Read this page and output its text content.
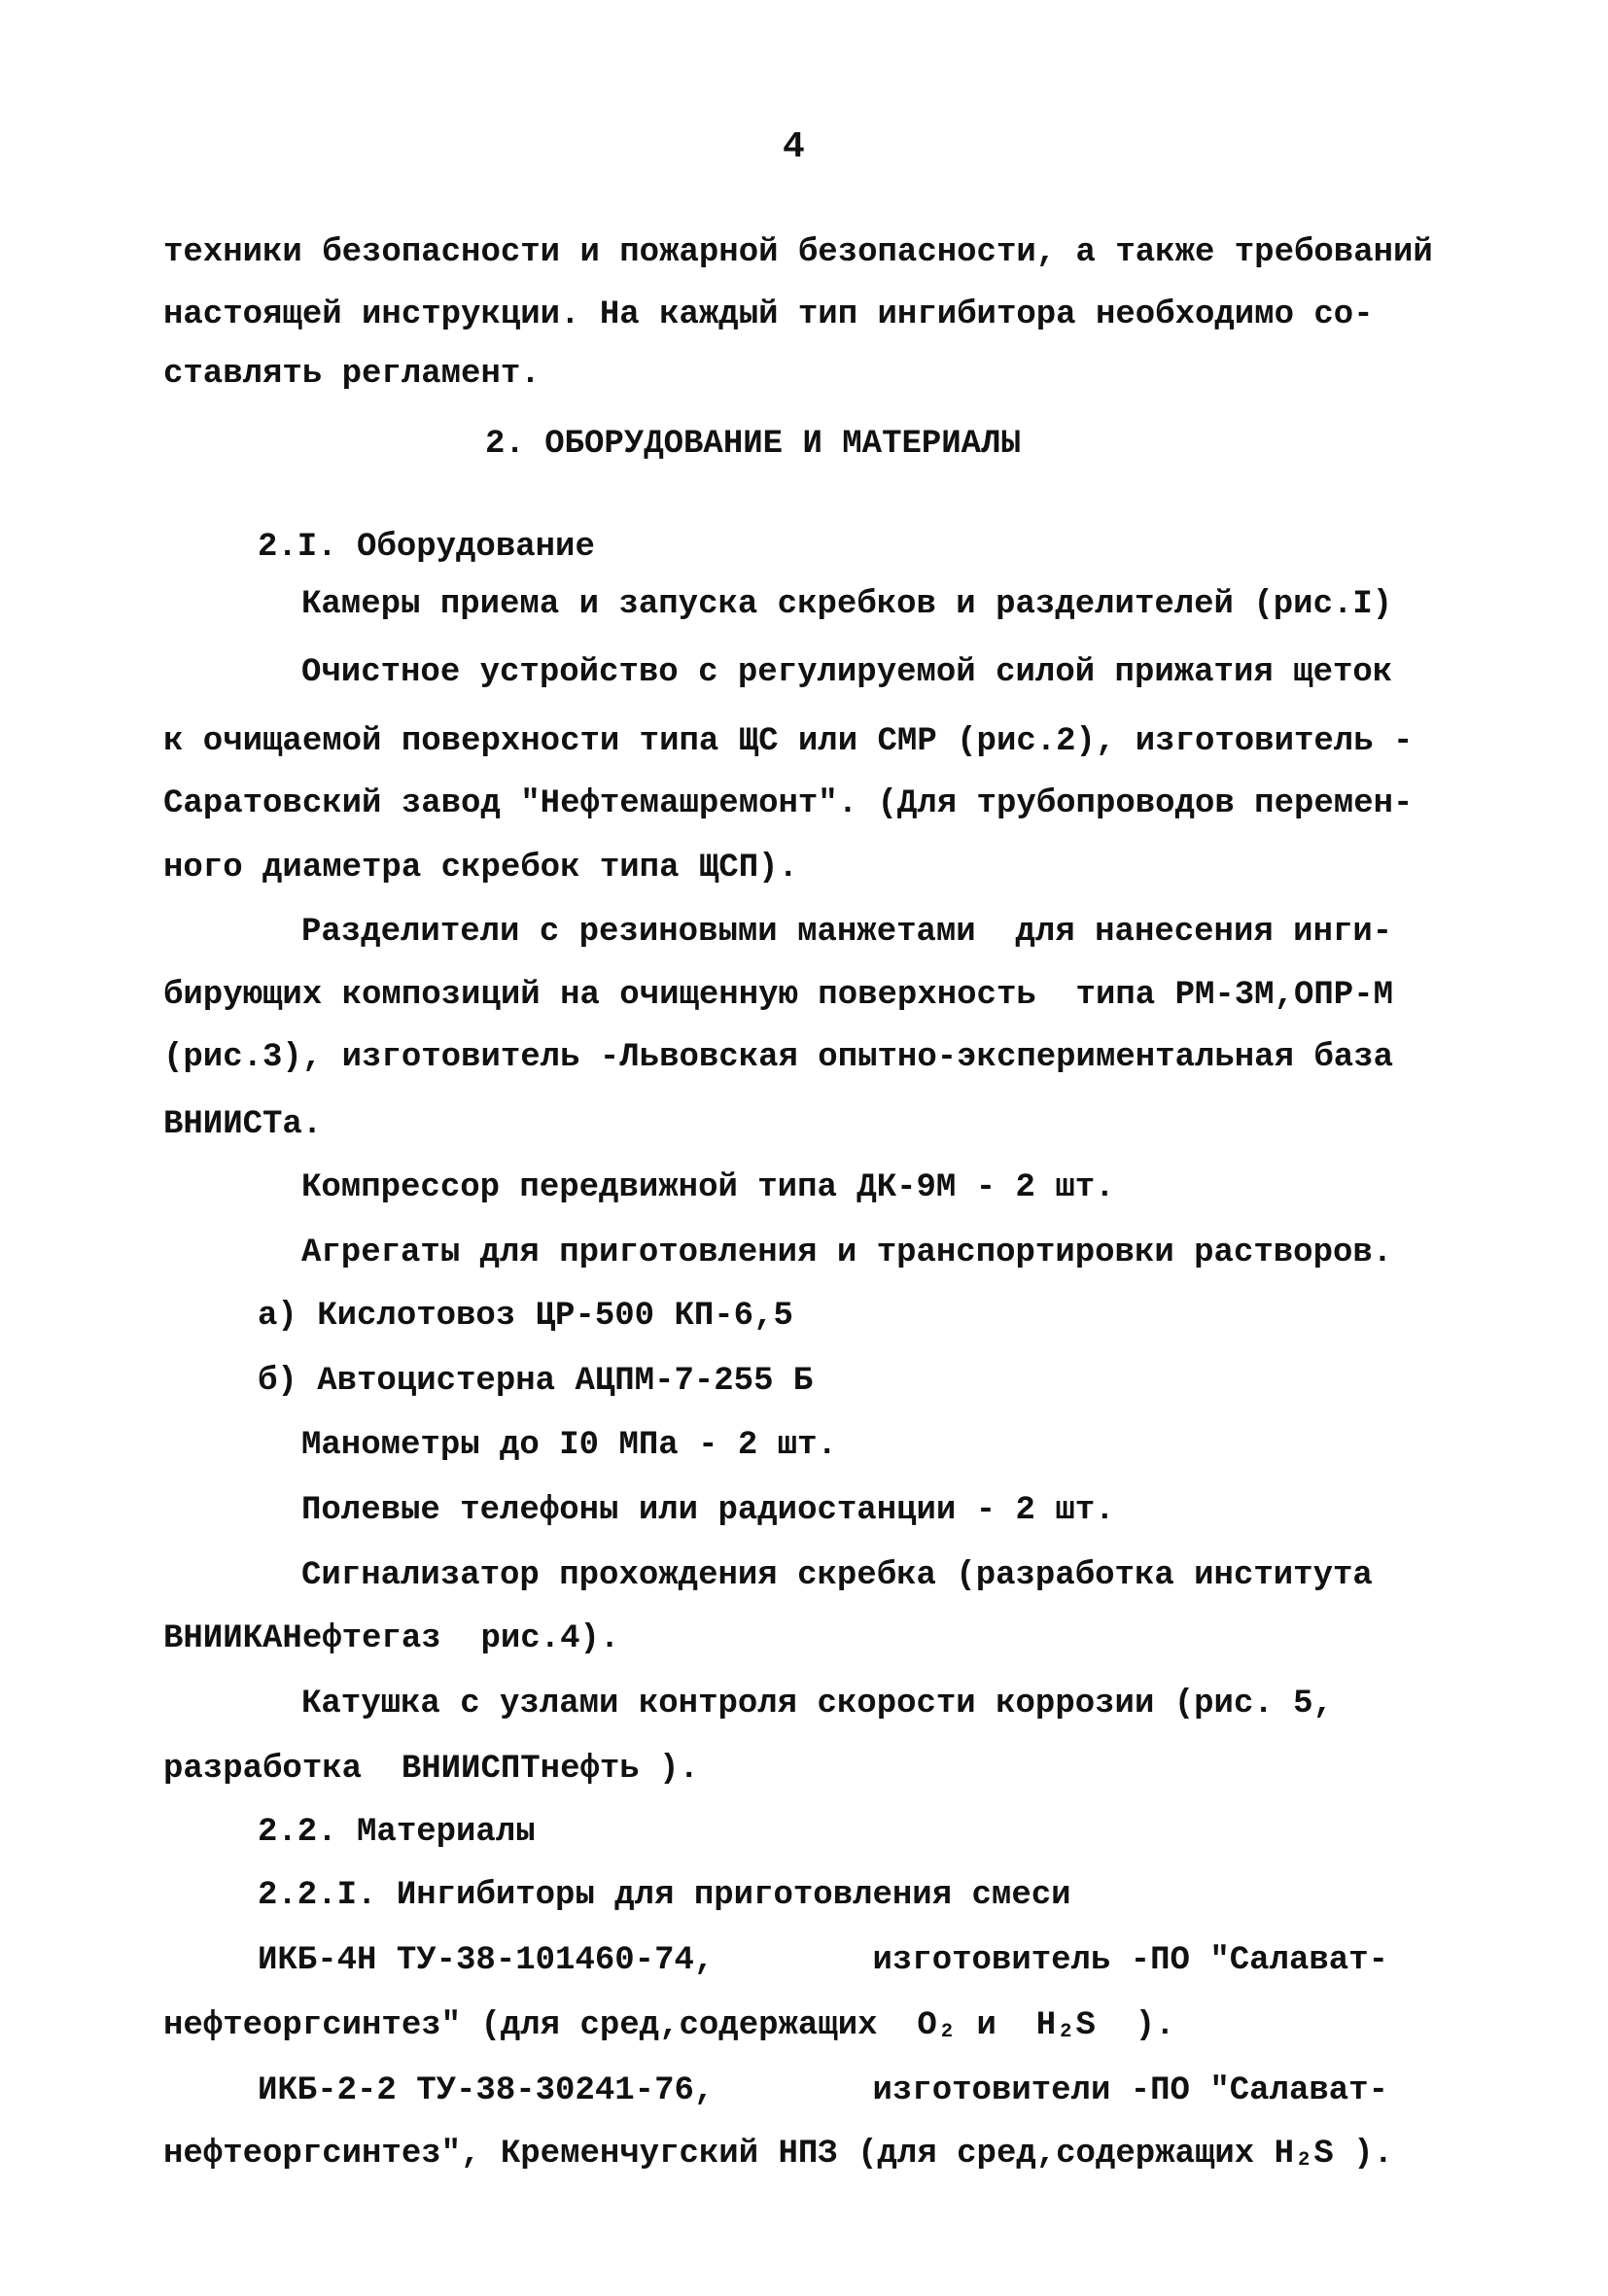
4
техники безопасности и пожарной безопасности, а также требований
настоящей инструкции. На каждый тип ингибитора необходимо со-
ставлять регламент.
2. ОБОРУДОВАНИЕ И МАТЕРИАЛЫ
2.I. Оборудование
Камеры приема и запуска скребков и разделителей (рис.I)
Очистное устройство с регулируемой силой прижатия щеток
к очищаемой поверхности типа ЩС или СМР (рис.2), изготовитель -
Саратовский завод "Нефтемашремонт". (Для трубопроводов перемен-
ного диаметра скребок типа ЩСП).
Разделители с резиновыми манжетами  для нанесения инги-
бирующих композиций на очищенную поверхность  типа РМ-3М,ОПР-М
(рис.3), изготовитель -Львовская опытно-экспериментальная база
ВНИИСТа.
Компрессор передвижной типа ДК-9М - 2 шт.
Агрегаты для приготовления и транспортировки растворов.
а) Кислотовоз ЦР-500 КП-6,5
б) Автоцистерна АЦПМ-7-255 Б
Манометры до I0 МПа - 2 шт.
Полевые телефоны или радиостанции - 2 шт.
Сигнализатор прохождения скребка (разработка института
ВНИИКАНефтегаз  рис.4).
Катушка с узлами контроля скорости коррозии (рис. 5,
разработка  ВНИИСПТнефть ).
2.2. Материалы
2.2.I. Ингибиторы для приготовления смеси
ИКБ-4Н ТУ-38-101460-74,        изготовитель -ПО "Салават-
нефтеоргсинтез" (для сред,содержащих  O₂ и  H₂S  ).
ИКБ-2-2 ТУ-38-30241-76,        изготовители -ПО "Салават-
нефтеоргсинтез", Кременчугский НПЗ (для сред,содержащих H₂S ).
